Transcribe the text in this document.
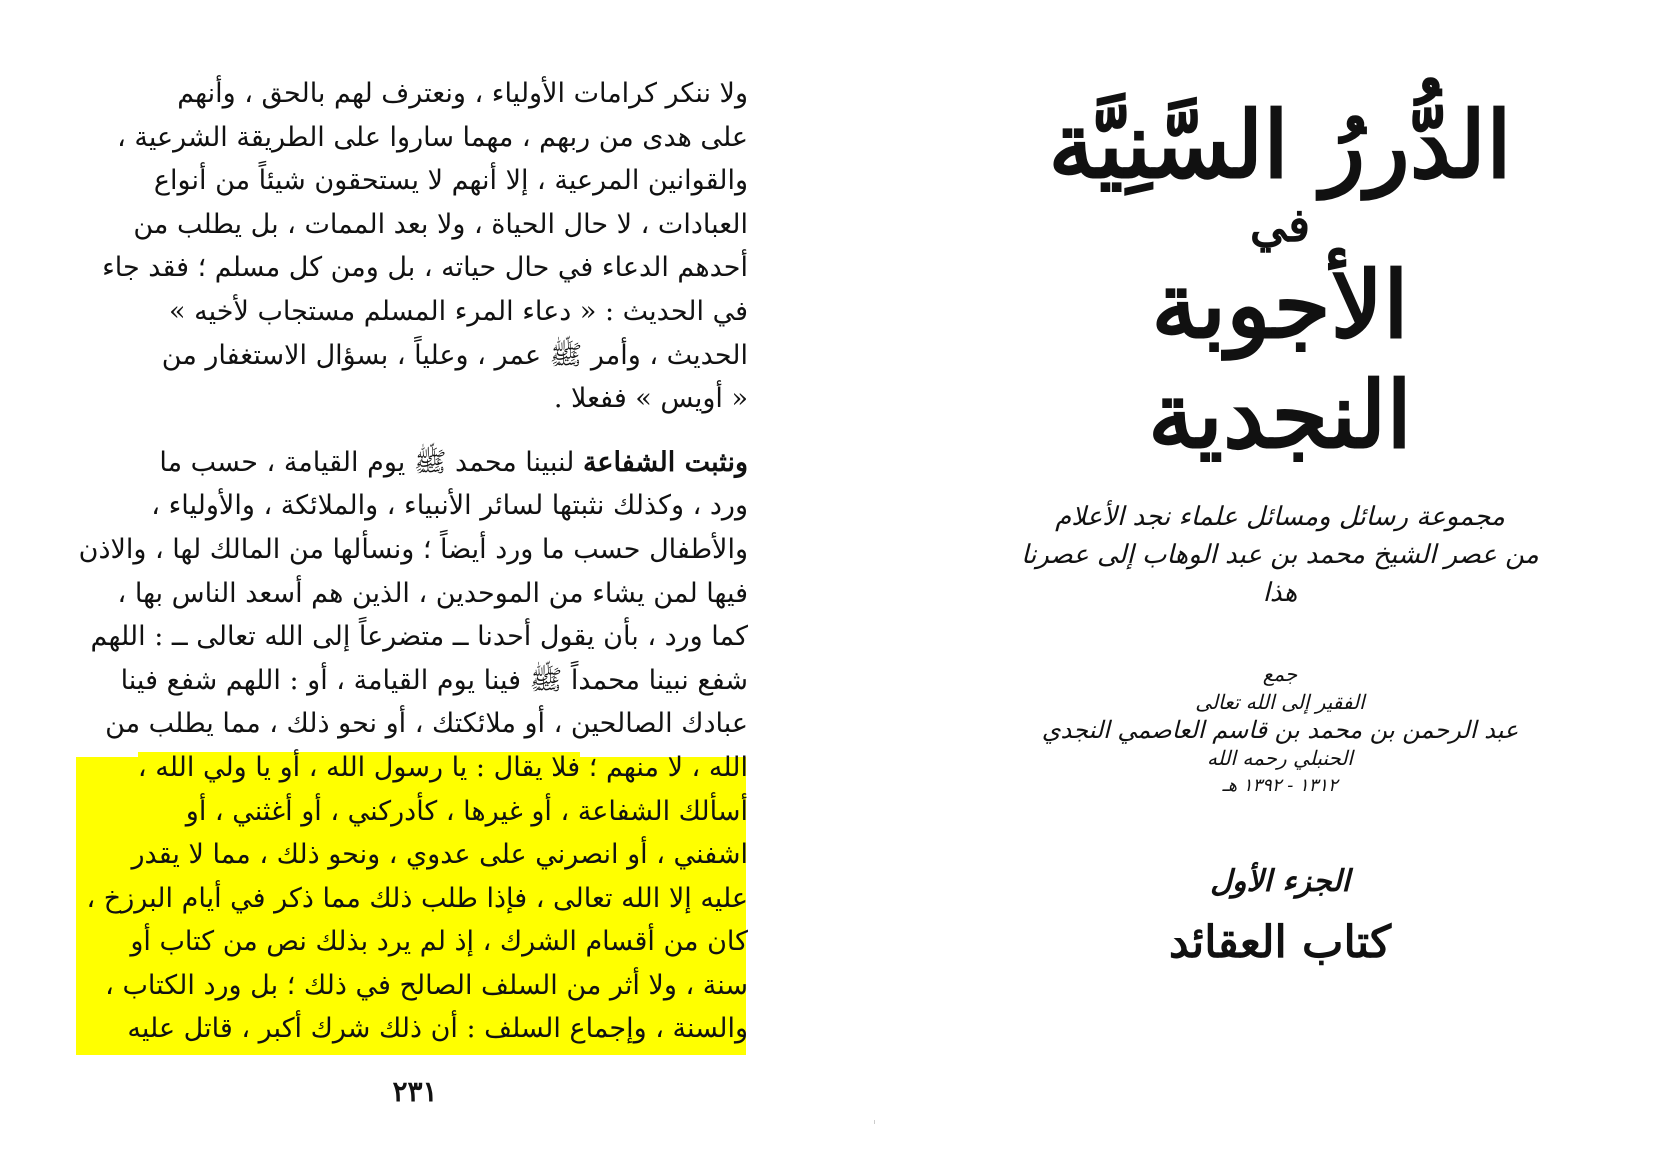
ولا ننكر كرامات الأولياء ، ونعترف لهم بالحق ، وأنهم

على هدى من ربهم ، مهما ساروا على الطريقة الشرعية ،

والقوانين المرعية ، إلا أنهم لا يستحقون شيئاً من أنواع

العبادات ، لا حال الحياة ، ولا بعد الممات ، بل يطلب من

أحدهم الدعاء في حال حياته ، بل ومن كل مسلم ؛ فقد جاء

في الحديث : « دعاء المرء المسلم مستجاب لأخيه »

الحديث ، وأمر ﷺ عمر ، وعلياً ، بسؤال الاستغفار من

« أويس » ففعلا .

ونثبت الشفاعة لنبينا محمد ﷺ يوم القيامة ، حسب ما

ورد ، وكذلك نثبتها لسائر الأنبياء ، والملائكة ، والأولياء ،

والأطفال حسب ما ورد أيضاً ؛ ونسألها من المالك لها ، والاذن

فيها لمن يشاء من الموحدين ، الذين هم أسعد الناس بها ،

كما ورد ، بأن يقول أحدنا ــ متضرعاً إلى الله تعالى ــ : اللهم

شفع نبينا محمداً ﷺ فينا يوم القيامة ، أو : اللهم شفع فينا

عبادك الصالحين ، أو ملائكتك ، أو نحو ذلك ، مما يطلب من

الله ، لا منهم ؛ فلا يقال : يا رسول الله ، أو يا ولي الله ،

أسألك الشفاعة ، أو غيرها ، كأدركني ، أو أغثني ، أو

اشفني ، أو انصرني على عدوي ، ونحو ذلك ، مما لا يقدر

عليه إلا الله تعالى ، فإذا طلب ذلك مما ذكر في أيام البرزخ ،

كان من أقسام الشرك ، إذ لم يرد بذلك نص من كتاب أو

سنة ، ولا أثر من السلف الصالح في ذلك ؛ بل ورد الكتاب ،

والسنة ، وإجماع السلف : أن ذلك شرك أكبر ، قاتل عليه

٢٣١

الدُّررُ السَّنِيَّة

في

الأجوبة النجدية

مجموعة رسائل ومسائل علماء نجد الأعلام
من عصر الشيخ محمد بن عبد الوهاب إلى عصرنا هذا
جمع
الفقير إلى الله تعالى
عبد الرحمن بن محمد بن قاسم العاصمي النجدي
الحنبلي رحمه الله
١٣١٢ - ١٣٩٢ هـ
الجزء الأول
كتاب العقائد
